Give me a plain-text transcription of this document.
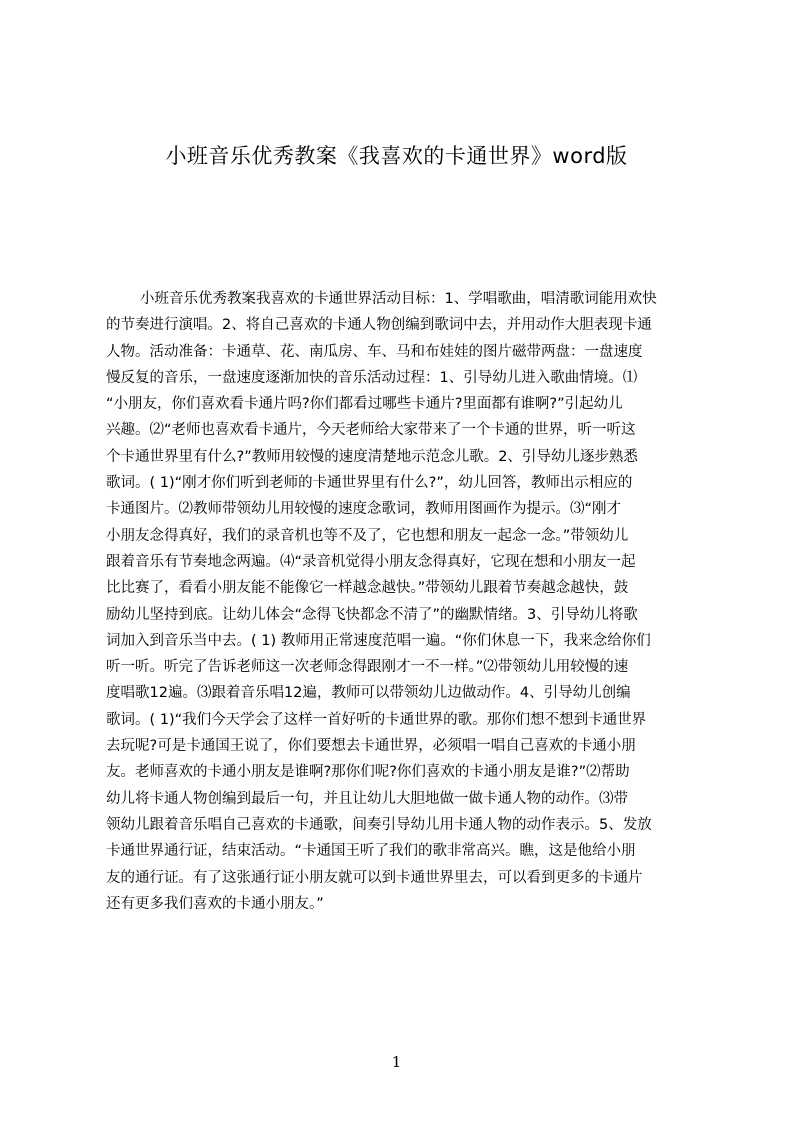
小班音乐优秀教案《我喜欢的卡通世界》word版
小班音乐优秀教案我喜欢的卡通世界活动目标：1、学唱歌曲，唱清歌词能用欢快
的节奏进行演唱。2、将自己喜欢的卡通人物创编到歌词中去，并用动作大胆表现卡通
人物。活动准备：卡通草、花、南瓜房、车、马和布娃娃的图片磁带两盘：一盘速度
慢反复的音乐，一盘速度逐渐加快的音乐活动过程：1、引导幼儿进入歌曲情境。⑴
“小朋友，你们喜欢看卡通片吗?你们都看过哪些卡通片?里面都有谁啊?”引起幼儿
兴趣。⑵“老师也喜欢看卡通片，今天老师给大家带来了一个卡通的世界，听一听这
个卡通世界里有什么?”教师用较慢的速度清楚地示范念儿歌。2、引导幼儿逐步熟悉
歌词。( 1)“刚才你们听到老师的卡通世界里有什么?”，幼儿回答，教师出示相应的
卡通图片。⑵教师带领幼儿用较慢的速度念歌词，教师用图画作为提示。⑶“刚才
小朋友念得真好，我们的录音机也等不及了，它也想和朋友一起念一念。”带领幼儿
跟着音乐有节奏地念两遍。⑷“录音机觉得小朋友念得真好，它现在想和小朋友一起
比比赛了，看看小朋友能不能像它一样越念越快。”带领幼儿跟着节奏越念越快，鼓
励幼儿坚持到底。让幼儿体会“念得飞快都念不清了”的幽默情绪。3、引导幼儿将歌
词加入到音乐当中去。( 1) 教师用正常速度范唱一遍。“你们休息一下，我来念给你们
听一听。听完了告诉老师这一次老师念得跟刚才一不一样。”⑵带领幼儿用较慢的速
度唱歌12遍。⑶跟着音乐唱12遍，教师可以带领幼儿边做动作。4、引导幼儿创编
歌词。( 1)“我们今天学会了这样一首好听的卡通世界的歌。那你们想不想到卡通世界
去玩呢?可是卡通国王说了，你们要想去卡通世界，必须唱一唱自己喜欢的卡通小朋
友。老师喜欢的卡通小朋友是谁啊?那你们呢?你们喜欢的卡通小朋友是谁?”⑵帮助
幼儿将卡通人物创编到最后一句，并且让幼儿大胆地做一做卡通人物的动作。⑶带
领幼儿跟着音乐唱自己喜欢的卡通歌，间奏引导幼儿用卡通人物的动作表示。5、发放
卡通世界通行证，结束活动。“卡通国王听了我们的歌非常高兴。瞧，这是他给小朋
友的通行证。有了这张通行证小朋友就可以到卡通世界里去，可以看到更多的卡通片
还有更多我们喜欢的卡通小朋友。”
1
